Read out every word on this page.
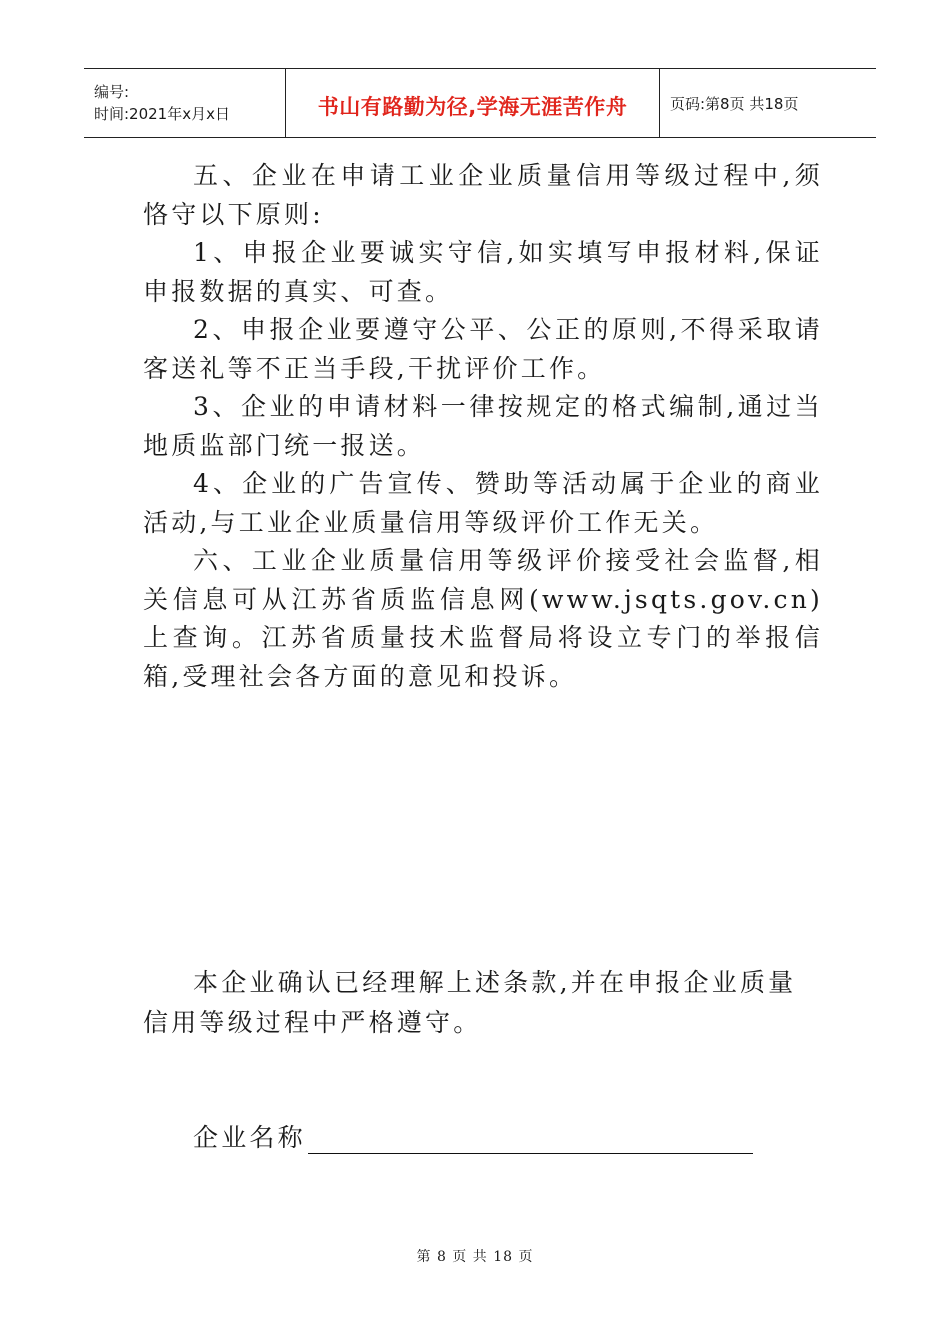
编号:
时间:2021年x月x日	书山有路勤为径,学海无涯苦作舟	页码:第8页 共18页

五、企业在申请工业企业质量信用等级过程中,须恪守以下原则:

1、申报企业要诚实守信,如实填写申报材料,保证申报数据的真实、可查。

2、申报企业要遵守公平、公正的原则,不得采取请客送礼等不正当手段,干扰评价工作。

3、企业的申请材料一律按规定的格式编制,通过当地质监部门统一报送。

4、企业的广告宣传、赞助等活动属于企业的商业活动,与工业企业质量信用等级评价工作无关。

六、工业企业质量信用等级评价接受社会监督,相关信息可从江苏省质监信息网(www.jsqts.gov.cn)上查询。江苏省质量技术监督局将设立专门的举报信箱,受理社会各方面的意见和投诉。

本企业确认已经理解上述条款,并在申报企业质量信用等级过程中严格遵守。

企业名称
第 8 页 共 18 页
